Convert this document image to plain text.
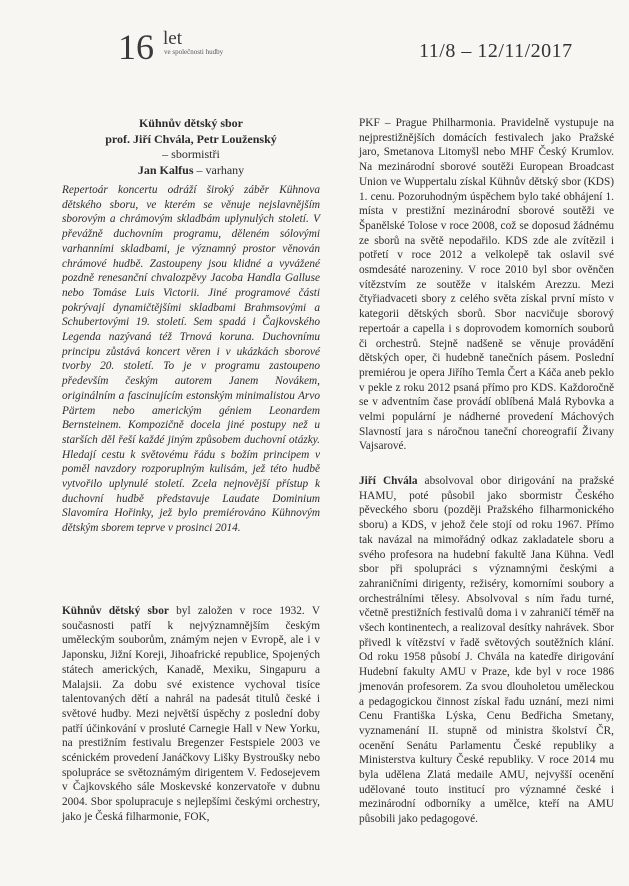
16 let
ve společnosti hudby	11/8 – 12/11/2017
Kühnův dětský sbor
prof. Jiří Chvála, Petr Louženský
– sbormistři
Jan Kalfus – varhany

Repertoár koncertu odráží široký záběr Kühnova dětského sboru, ve kterém se věnuje nejslavnějším sborovým a chrámovým skladbám uplynulých století. V převážně duchovním programu, děleném sólovými varhanními skladbami, je významný prostor věnován chrámové hudbě. Zastoupeny jsou klidné a vyvážené pozdně renesanční chvalozpěvy Jacoba Handla Galluse nebo Tomáse Luis Victorii. Jiné programové části pokrývají dynamičtějšími skladbami Brahmsovými a Schubertovými 19. století. Sem spadá i Čajkovského Legenda nazývaná též Trnová koruna. Duchovnímu principu zůstává koncert věren i v ukázkách sborové tvorby 20. století. To je v programu zastoupeno především českým autorem Janem Novákem, originálním a fascinujícím estonským minimalistou Arvo Pärtem nebo americkým géniem Leonardem Bernsteinem. Kompozičně docela jiné postupy než u starších děl řeší každé jiným způsobem duchovní otázky. Hledají cestu k světovému řádu s božím principem v poměl navzdory rozporuplným kulisám, jež této hudbě vytvořilo uplynulé století. Zcela nejnovější přístup k duchovní hudbě představuje Laudate Dominium Slavomíra Hořinky, jež bylo premiérováno Kühnovým dětským sborem teprve v prosinci 2014.

Kühnův dětský sbor byl založen v roce 1932. V současnosti patří k nejvýznamnějším českým uměleckým souborům, známým nejen v Evropě, ale i v Japonsku, Jižní Koreji, Jihoafrické republice, Spojených státech amerických, Kanadě, Mexiku, Singapuru a Malajsii. Za dobu své existence vychoval tisíce talentovaných dětí a nahrál na padesát titulů české i světové hudby. Mezi největší úspěchy z poslední doby patří účinkování v prosluté Carnegie Hall v New Yorku, na prestižním festivalu Bregenzer Festspiele 2003 ve scénickém provedení Janáčkovy Lišky Bystroušky nebo spolupráce se světoznámým dirigentem V. Fedosejevem v Čajkovského sále Moskevské konzervatoře v dubnu 2004. Sbor spolupracuje s nejlepšími českými orchestry, jako je Česká filharmonie, FOK,

PKF – Prague Philharmonia. Pravidelně vystupuje na nejprestižnějších domácích festivalech jako Pražské jaro, Smetanova Litomyšl nebo MHF Český Krumlov. Na mezinárodní sborové soutěži European Broadcast Union ve Wuppertalu získal Kühnův dětský sbor (KDS) 1. cenu. Pozoruhodným úspěchem bylo také obhájení 1. místa v prestižní mezinárodní sborové soutěži ve Španělské Tolose v roce 2008, což se doposud žádnému ze sborů na světě nepodařilo. KDS zde ale zvítězil i potřetí v roce 2012 a velkolepě tak oslavil své osmdesáté narozeniny. V roce 2010 byl sbor ověnčen vítězstvím ze soutěže v italském Arezzu. Mezi čtyřiadvaceti sbory z celého světa získal první místo v kategorii dětských sborů. Sbor nacvičuje sborový repertoár a capella i s doprovodem komorních souborů či orchestrů. Stejně nadšeně se věnuje provádění dětských oper, či hudebně tanečních pásem. Poslední premiérou je opera Jiřího Temla Čert a Káča aneb peklo v pekle z roku 2012 psaná přímo pro KDS. Každoročně se v adventním čase provádí oblíbená Malá Rybovka a velmi populární je nádherné provedení Máchových Slavností jara s náročnou taneční choreografií Živany Vajsarové.

Jiří Chvála absolvoval obor dirigování na pražské HAMU, poté působil jako sbormistr Českého pěveckého sboru (později Pražského filharmonického sboru) a KDS, v jehož čele stojí od roku 1967. Přímo tak navázal na mimořádný odkaz zakladatele sboru a svého profesora na hudební fakultě Jana Kühna. Vedl sbor při spolupráci s významnými českými a zahraničními dirigenty, režiséry, komorními soubory a orchestrálními tělesy. Absolvoval s ním řadu turné, včetně prestižních festivalů doma i v zahraničí téměř na všech kontinentech, a realizoval desítky nahrávek. Sbor přivedl k vítězství v řadě světových soutěžních klání. Od roku 1958 působí J. Chvála na katedře dirigování Hudební fakulty AMU v Praze, kde byl v roce 1986 jmenován profesorem. Za svou dlouholetou uměleckou a pedagogickou činnost získal řadu uznání, mezi nimi Cenu Františka Lýska, Cenu Bedřicha Smetany, vyznamenání II. stupně od ministra školství ČR, ocenění Senátu Parlamentu České republiky a Ministerstva kultury České republiky. V roce 2014 mu byla udělena Zlatá medaile AMU, nejvyšší ocenění udělované touto institucí pro významné české i mezinárodní odborníky a umělce, kteří na AMU působili jako pedagogové.
